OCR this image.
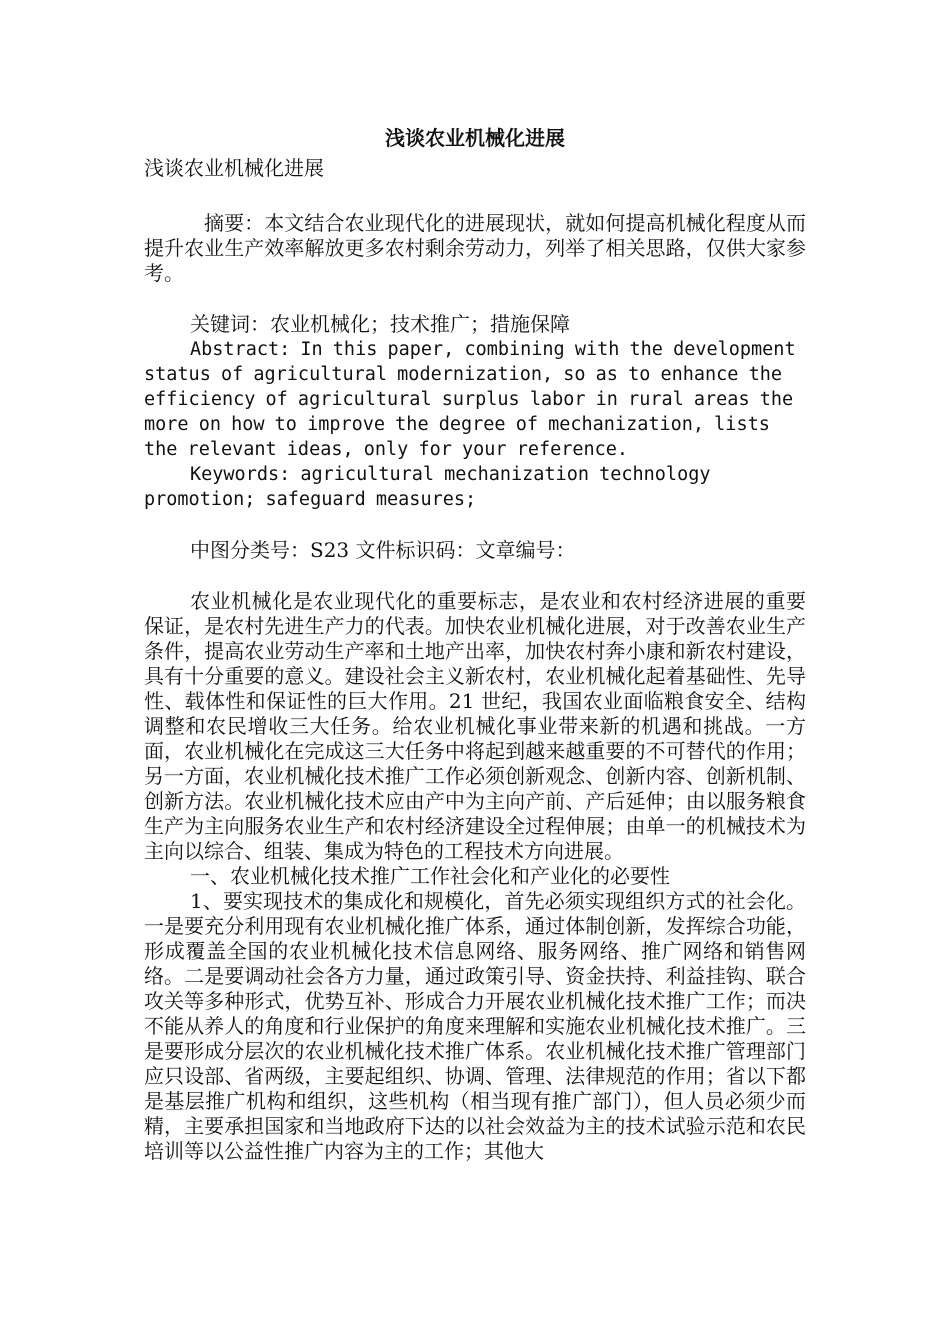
浅谈农业机械化进展

浅谈农业机械化进展

摘要：本文结合农业现代化的进展现状，就如何提高机械化程度从而提升农业生产效率解放更多农村剩余劳动力，列举了相关思路，仅供大家参考。

关键词：农业机械化；技术推广；措施保障

Abstract: In this paper, combining with the development status of agricultural modernization, so as to enhance the efficiency of agricultural surplus labor in rural areas the more on how to improve the degree of mechanization, lists the relevant ideas, only for your reference.

Keywords: agricultural mechanization technology promotion; safeguard measures;

中图分类号：S23 文件标识码：文章编号：

农业机械化是农业现代化的重要标志，是农业和农村经济进展的重要保证，是农村先进生产力的代表。加快农业机械化进展，对于改善农业生产条件，提高农业劳动生产率和土地产出率，加快农村奔小康和新农村建设，具有十分重要的意义。建设社会主义新农村，农业机械化起着基础性、先导性、载体性和保证性的巨大作用。21 世纪，我国农业面临粮食安全、结构调整和农民增收三大任务。给农业机械化事业带来新的机遇和挑战。一方面，农业机械化在完成这三大任务中将起到越来越重要的不可替代的作用；另一方面，农业机械化技术推广工作必须创新观念、创新内容、创新机制、创新方法。农业机械化技术应由产中为主向产前、产后延伸；由以服务粮食生产为主向服务农业生产和农村经济建设全过程伸展；由单一的机械技术为主向以综合、组装、集成为特色的工程技术方向进展。

一、农业机械化技术推广工作社会化和产业化的必要性

1、要实现技术的集成化和规模化，首先必须实现组织方式的社会化。一是要充分利用现有农业机械化推广体系，通过体制创新，发挥综合功能，形成覆盖全国的农业机械化技术信息网络、服务网络、推广网络和销售网络。二是要调动社会各方力量，通过政策引导、资金扶持、利益挂钩、联合攻关等多种形式，优势互补、形成合力开展农业机械化技术推广工作；而决不能从养人的角度和行业保护的角度来理解和实施农业机械化技术推广。三是要形成分层次的农业机械化技术推广体系。农业机械化技术推广管理部门应只设部、省两级，主要起组织、协调、管理、法律规范的作用；省以下都是基层推广机构和组织，这些机构（相当现有推广部门），但人员必须少而精，主要承担国家和当地政府下达的以社会效益为主的技术试验示范和农民培训等以公益性推广内容为主的工作；其他大
